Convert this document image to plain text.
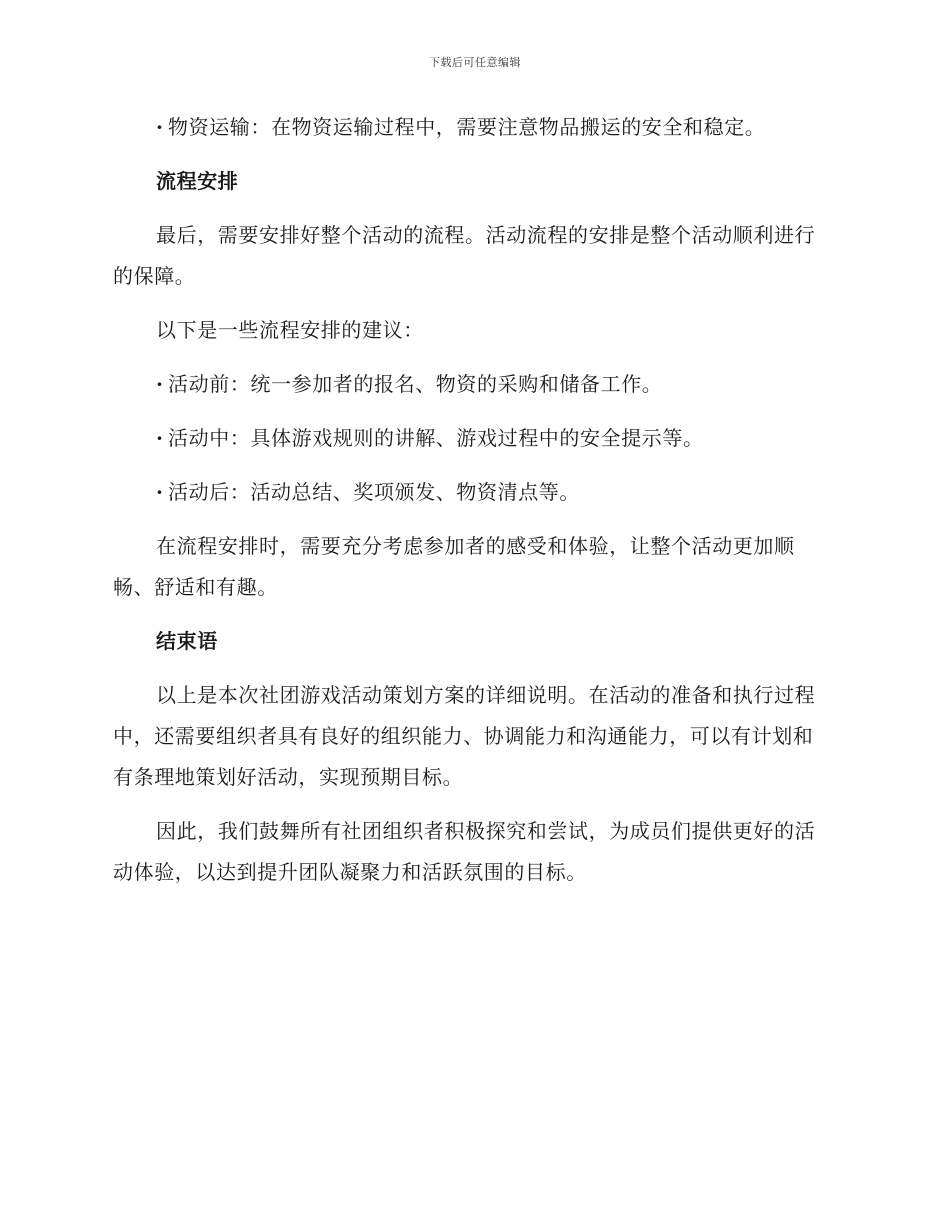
下载后可任意编辑
· 物资运输：在物资运输过程中，需要注意物品搬运的安全和稳定。
流程安排
最后，需要安排好整个活动的流程。活动流程的安排是整个活动顺利进行的保障。
以下是一些流程安排的建议：
· 活动前：统一参加者的报名、物资的采购和储备工作。
· 活动中：具体游戏规则的讲解、游戏过程中的安全提示等。
· 活动后：活动总结、奖项颁发、物资清点等。
在流程安排时，需要充分考虑参加者的感受和体验，让整个活动更加顺畅、舒适和有趣。
结束语
以上是本次社团游戏活动策划方案的详细说明。在活动的准备和执行过程中，还需要组织者具有良好的组织能力、协调能力和沟通能力，可以有计划和有条理地策划好活动，实现预期目标。
因此，我们鼓舞所有社团组织者积极探究和尝试，为成员们提供更好的活动体验，以达到提升团队凝聚力和活跃氛围的目标。
